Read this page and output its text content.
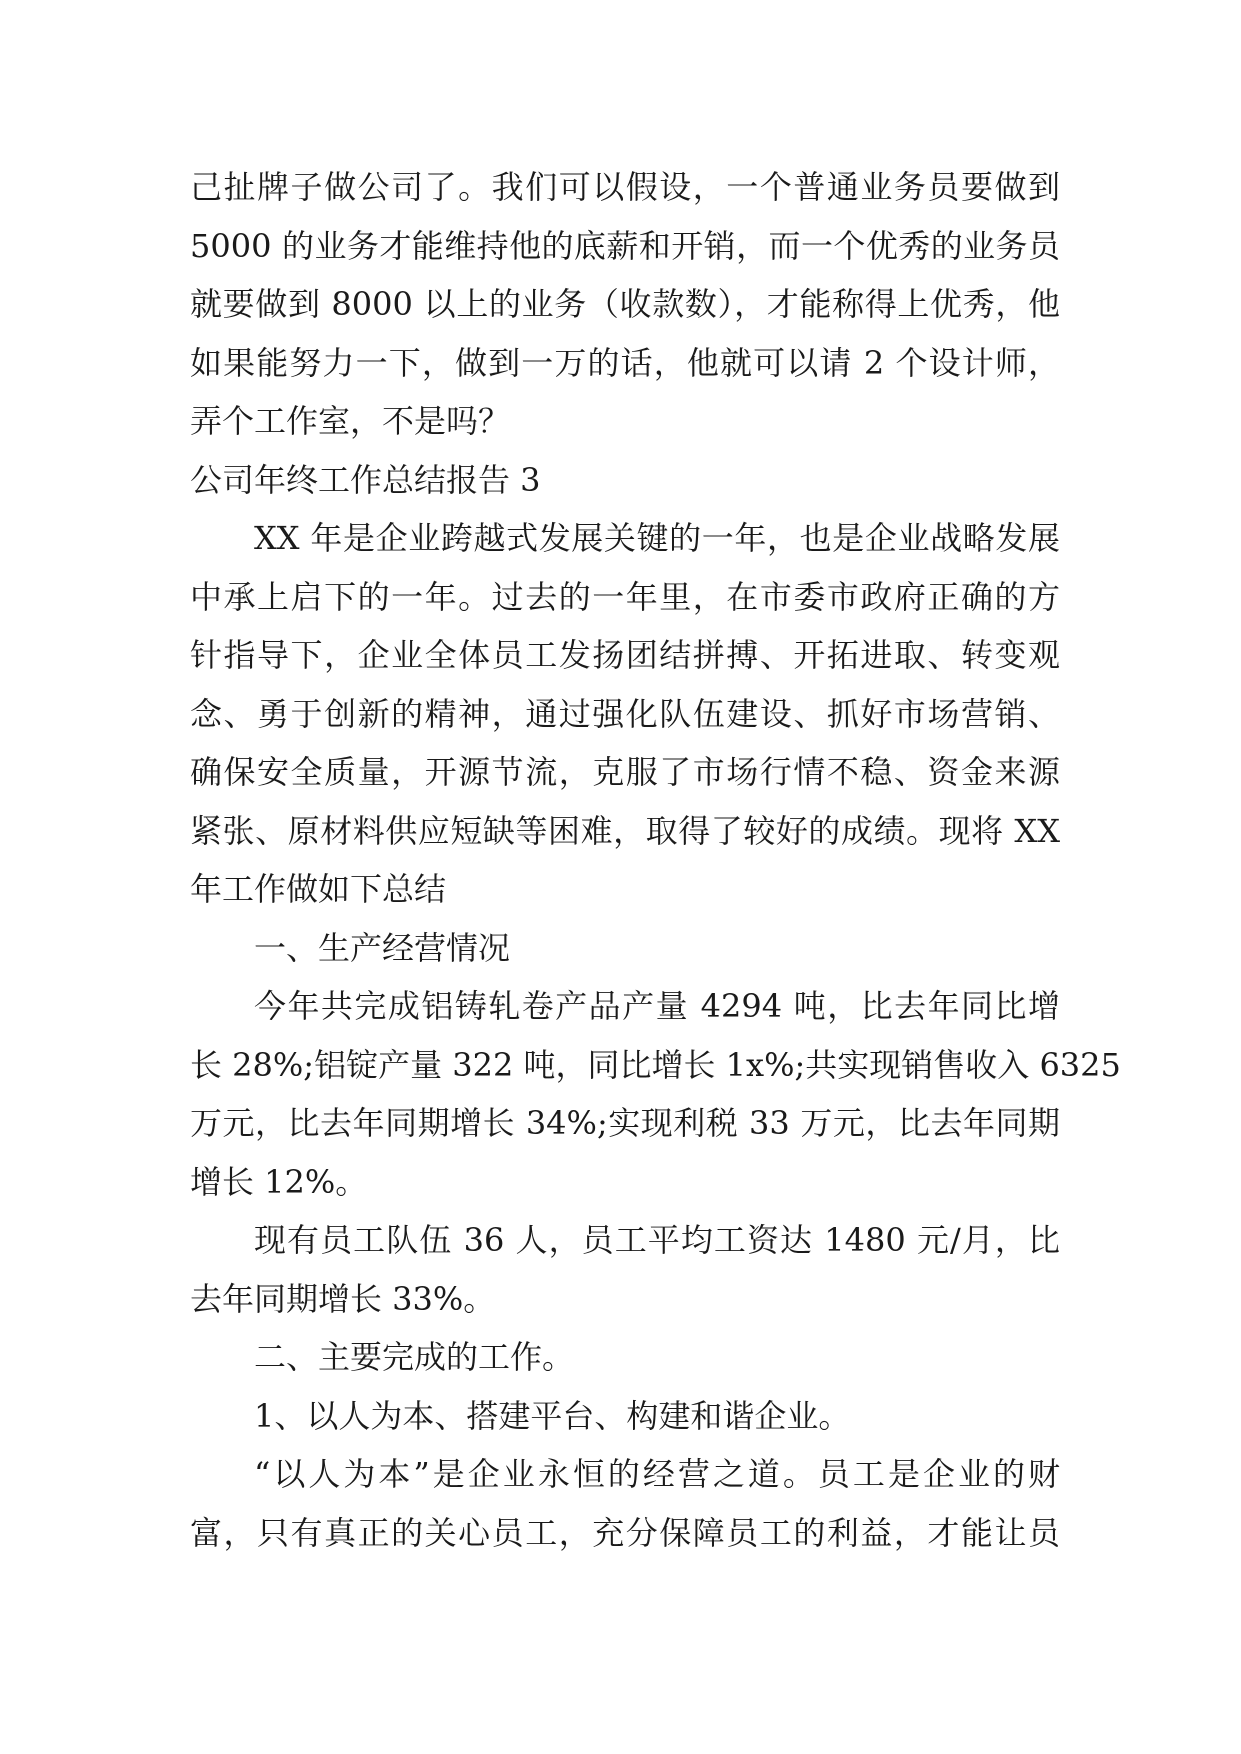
己扯牌子做公司了。我们可以假设，一个普通业务员要做到
5000 的业务才能维持他的底薪和开销，而一个优秀的业务员
就要做到 8000 以上的业务（收款数），才能称得上优秀，他
如果能努力一下，做到一万的话，他就可以请 2 个设计师，
弄个工作室，不是吗？
公司年终工作总结报告 3
XX 年是企业跨越式发展关键的一年，也是企业战略发展
中承上启下的一年。过去的一年里，在市委市政府正确的方
针指导下，企业全体员工发扬团结拼搏、开拓进取、转变观
念、勇于创新的精神，通过强化队伍建设、抓好市场营销、
确保安全质量，开源节流，克服了市场行情不稳、资金来源
紧张、原材料供应短缺等困难，取得了较好的成绩。现将 XX
年工作做如下总结
一、生产经营情况
今年共完成铝铸轧卷产品产量 4294 吨，比去年同比增
长 28%;铝锭产量 322 吨，同比增长 1x%;共实现销售收入 6325
万元，比去年同期增长 34%;实现利税 33 万元，比去年同期
增长 12%。
现有员工队伍 36 人，员工平均工资达 1480 元/月，比
去年同期增长 33%。
二、主要完成的工作。
1、以人为本、搭建平台、构建和谐企业。
“以人为本”是企业永恒的经营之道。员工是企业的财
富，只有真正的关心员工，充分保障员工的利益，才能让员
